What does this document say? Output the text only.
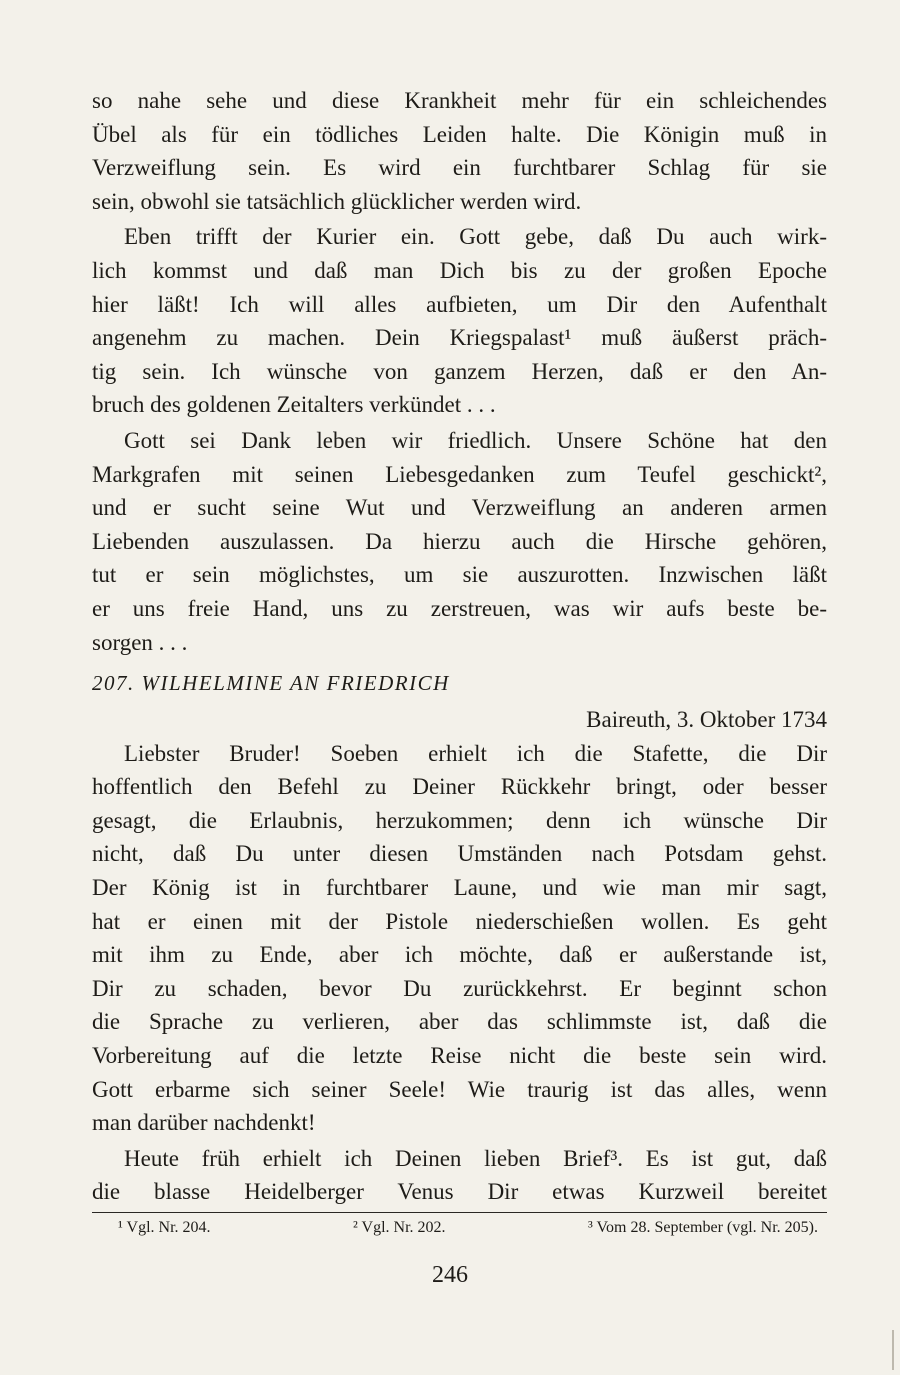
so nahe sehe und diese Krankheit mehr für ein schleichendes
Übel als für ein tödliches Leiden halte. Die Königin muß in
Verzweiflung sein. Es wird ein furchtbarer Schlag für sie
sein, obwohl sie tatsächlich glücklicher werden wird.
Eben trifft der Kurier ein. Gott gebe, daß Du auch wirk-
lich kommst und daß man Dich bis zu der großen Epoche
hier läßt! Ich will alles aufbieten, um Dir den Aufenthalt
angenehm zu machen. Dein Kriegspalast¹ muß äußerst präch-
tig sein. Ich wünsche von ganzem Herzen, daß er den An-
bruch des goldenen Zeitalters verkündet . . .
Gott sei Dank leben wir friedlich. Unsere Schöne hat den
Markgrafen mit seinen Liebesgedanken zum Teufel geschickt²,
und er sucht seine Wut und Verzweiflung an anderen armen
Liebenden auszulassen. Da hierzu auch die Hirsche gehören,
tut er sein möglichstes, um sie auszurotten. Inzwischen läßt
er uns freie Hand, uns zu zerstreuen, was wir aufs beste be-
sorgen . . .
207. WILHELMINE AN FRIEDRICH
Baireuth, 3. Oktober 1734
Liebster Bruder! Soeben erhielt ich die Stafette, die Dir
hoffentlich den Befehl zu Deiner Rückkehr bringt, oder besser
gesagt, die Erlaubnis, herzukommen; denn ich wünsche Dir
nicht, daß Du unter diesen Umständen nach Potsdam gehst.
Der König ist in furchtbarer Laune, und wie man mir sagt,
hat er einen mit der Pistole niederschießen wollen. Es geht
mit ihm zu Ende, aber ich möchte, daß er außerstande ist,
Dir zu schaden, bevor Du zurückkehrst. Er beginnt schon
die Sprache zu verlieren, aber das schlimmste ist, daß die
Vorbereitung auf die letzte Reise nicht die beste sein wird.
Gott erbarme sich seiner Seele! Wie traurig ist das alles, wenn
man darüber nachdenkt!
Heute früh erhielt ich Deinen lieben Brief³. Es ist gut, daß
die blasse Heidelberger Venus Dir etwas Kurzweil bereitet
¹ Vgl. Nr. 204.	² Vgl. Nr. 202.	³ Vom 28. September (vgl. Nr. 205).
246
